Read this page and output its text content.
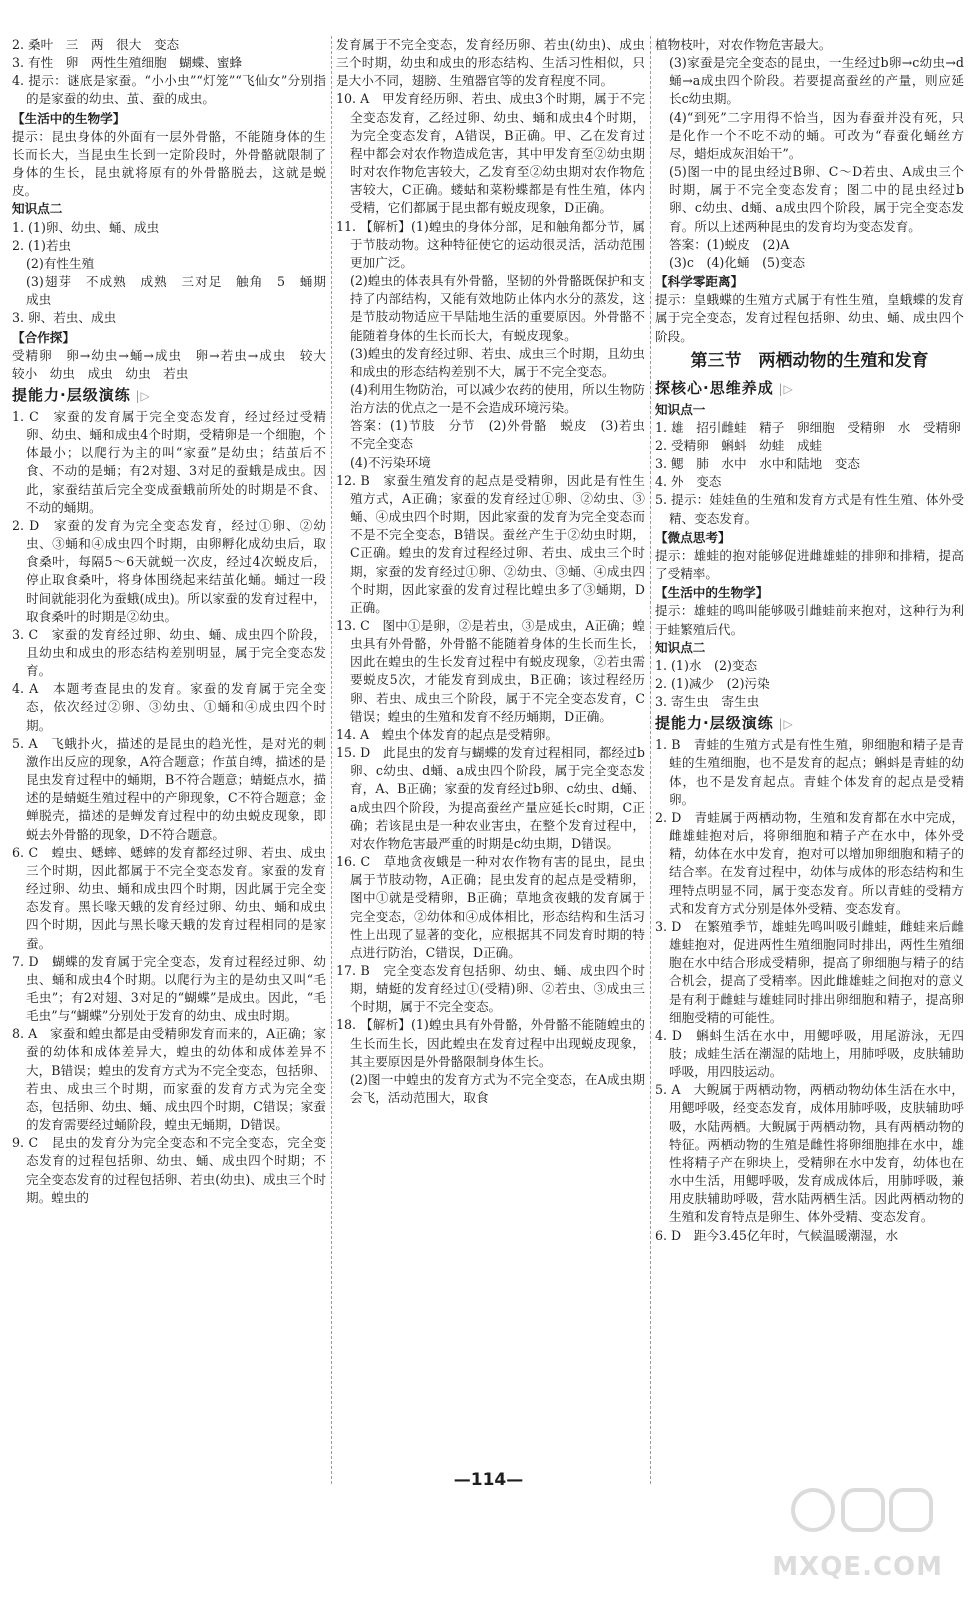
2. 桑叶　三　两　很大　变态
3. 有性　卵　两性生殖细胞　蝴蝶、蜜蜂
4. 提示：谜底是家蚕。“小小虫”“灯笼”“飞仙女”分别指的是家蚕的幼虫、茧、蚕的成虫。
【 生活中的生物学 】
提示：昆虫身体的外面有一层外骨骼，不能随身体的生长而长大，当昆虫生长到一定阶段时，外骨骼就限制了身体的生长，昆虫就将原有的外骨骼脱去，这就是蜕皮。
知识点二
1. (1)卵、幼虫、蛹、成虫
2. (1)若虫
(2)有性生殖
(3)翅芽　不成熟　成熟　三对足　触角　5　蛹期　成虫
3. 卵、若虫、成虫
【 合作探 】
受精卵　卵→幼虫→蛹→成虫　卵→若虫→成虫　较大　较小　幼虫　成虫　幼虫　若虫
提能力·层级演练 |▷
1. C　家蚕的发育属于完全变态发育，经过经过受精卵、幼虫、蛹和成虫4个时期，受精卵是一个细胞，个体最小；以爬行为主的叫“家蚕”是幼虫；结茧后不食、不动的是蛹；有2对翅、3对足的蚕蛾是成虫。因此，家蚕结茧后完全变成蚕蛾前所处的时期是不食、不动的蛹期。
2. D　家蚕的发育为完全变态发育，经过①卵、②幼虫、③蛹和④成虫四个时期，由卵孵化成幼虫后，取食桑叶，每隔5～6天就蜕一次皮，经过4次蜕皮后，停止取食桑叶，将身体围绕起来结茧化蛹。蛹过一段时间就能羽化为蚕蛾(成虫)。所以家蚕的发育过程中，取食桑叶的时期是②幼虫。
3. C　家蚕的发育经过卵、幼虫、蛹、成虫四个阶段，且幼虫和成虫的形态结构差别明显，属于完全变态发育。
4. A　本题考查昆虫的发育。家蚕的发育属于完全变态，依次经过②卵、③幼虫、①蛹和④成虫四个时期。
5. A　飞蛾扑火，描述的是昆虫的趋光性，是对光的刺激作出反应的现象，A符合题意；作茧自缚，描述的是昆虫发育过程中的蛹期，B不符合题意；蜻蜓点水，描述的是蜻蜓生殖过程中的产卵现象，C不符合题意；金蝉脱壳，描述的是蝉发育过程中的幼虫蜕皮现象，即蜕去外骨骼的现象，D不符合题意。
6. C　蝗虫、蟋蟀、蟋蟀的发育都经过卵、若虫、成虫三个时期，因此都属于不完全变态发育。家蚕的发育经过卵、幼虫、蛹和成虫四个时期，因此属于完全变态发育。黑长喙天蛾的发育经过卵、幼虫、蛹和成虫四个时期，因此与黑长喙天蛾的发育过程相同的是家蚕。
7. D　蝴蝶的发育属于完全变态，发育过程经过卵、幼虫、蛹和成虫4个时期。以爬行为主的是幼虫又叫“毛毛虫”；有2对翅、3对足的“蝴蝶”是成虫。因此，“毛毛虫”与“蝴蝶”分别处于发育的幼虫、成虫时期。
8. A　家蚕和蝗虫都是由受精卵发育而来的，A正确；家蚕的幼体和成体差异大，蝗虫的幼体和成体差异不大，B错误；蝗虫的发育方式为不完全变态，包括卵、若虫、成虫三个时期，而家蚕的发育方式为完全变态，包括卵、幼虫、蛹、成虫四个时期，C错误；家蚕的发育需要经过蛹阶段，蝗虫无蛹期，D错误。
9. C　昆虫的发育分为完全变态和不完全变态，完全变态发育的过程包括卵、幼虫、蛹、成虫四个时期；不完全变态发育的过程包括卵、若虫(幼虫)、成虫三个时期。蝗虫的
发育属于不完全变态，发育经历卵、若虫(幼虫)、成虫三个时期，幼虫和成虫的形态结构、生活习性相似，只是大小不同，翅膀、生殖器官等的发育程度不同。
10. A　甲发育经历卵、若虫、成虫3个时期，属于不完全变态发育，乙经过卵、幼虫、蛹和成虫4个时期，为完全变态发育，A错误，B正确。甲、乙在发育过程中都会对农作物造成危害，其中甲发育至②幼虫期时对农作物危害较大，乙发育至②幼虫期对农作物危害较大，C正确。蝼蛄和菜粉蝶都是有性生殖，体内受精，它们都属于昆虫都有蜕皮现象，D正确。
11. 【解析】(1)蝗虫的身体分部，足和触角都分节，属于节肢动物。这种特征使它的运动很灵活，活动范围更加广泛。
(2)蝗虫的体表具有外骨骼，坚韧的外骨骼既保护和支持了内部结构，又能有效地防止体内水分的蒸发，这是节肢动物适应干旱陆地生活的重要原因。外骨骼不能随着身体的生长而长大，有蜕皮现象。
(3)蝗虫的发育经过卵、若虫、成虫三个时期，且幼虫和成虫的形态结构差别不大，属于不完全变态。
(4)利用生物防治，可以减少农药的使用，所以生物防治方法的优点之一是不会造成环境污染。
答案：(1)节肢　分节　(2)外骨骼　蜕皮　(3)若虫　不完全变态
(4)不污染环境
12. B　家蚕生殖发育的起点是受精卵，因此是有性生殖方式，A正确；家蚕的发育经过①卵、②幼虫、③蛹、④成虫四个时期，因此家蚕的发育为完全变态而不是不完全变态，B错误。蚕丝产生于②幼虫时期，C正确。蝗虫的发育过程经过卵、若虫、成虫三个时期，家蚕的发育经过①卵、②幼虫、③蛹、④成虫四个时期，因此家蚕的发育过程比蝗虫多了③蛹期，D正确。
13. C　图中①是卵，②是若虫，③是成虫，A正确；蝗虫具有外骨骼，外骨骼不能随着身体的生长而生长，因此在蝗虫的生长发育过程中有蜕皮现象，②若虫需要蜕皮5次，才能发育到成虫，B正确；该过程经历卵、若虫、成虫三个阶段，属于不完全变态发育，C错误；蝗虫的生殖和发育不经历蛹期，D正确。
14. A　蝗虫个体发育的起点是受精卵。
15. D　此昆虫的发育与蝴蝶的发育过程相同，都经过b卵、c幼虫、d蛹、a成虫四个阶段，属于完全变态发育，A、B正确；家蚕的发育经过b卵、c幼虫、d蛹、a成虫四个阶段，为提高蚕丝产量应延长c时期，C正确；若该昆虫是一种农业害虫，在整个发育过程中，对农作物危害最严重的时期是c幼虫期，D错误。
16. C　草地贪夜蛾是一种对农作物有害的昆虫，昆虫属于节肢动物，A正确；昆虫发育的起点是受精卵，图中①就是受精卵，B正确；草地贪夜蛾的发育属于完全变态，②幼体和④成体相比，形态结构和生活习性上出现了显著的变化，应根据其不同发育时期的特点进行防治，C错误，D正确。
17. B　完全变态发育包括卵、幼虫、蛹、成虫四个时期，蜻蜓的发育经过①(受精)卵、②若虫、③成虫三个时期，属于不完全变态。
18. 【解析】(1)蝗虫具有外骨骼，外骨骼不能随蝗虫的生长而生长，因此蝗虫在发育过程中出现蜕皮现象，其主要原因是外骨骼限制身体生长。
(2)图一中蝗虫的发育方式为不完全变态，在A成虫期会飞，活动范围大，取食
植物枝叶，对农作物危害最大。
(3)家蚕是完全变态的昆虫，一生经过b卵→c幼虫→d蛹→a成虫四个阶段。若要提高蚕丝的产量，则应延长c幼虫期。
(4)“到死”二字用得不恰当，因为春蚕并没有死，只是化作一个不吃不动的蛹。可改为“春蚕化蛹丝方尽，蜡炬成灰泪始干”。
(5)图一中的昆虫经过B卵、C～D若虫、A成虫三个时期，属于不完全变态发育；图二中的昆虫经过b卵、c幼虫、d蛹、a成虫四个阶段，属于完全变态发育。所以上述两种昆虫的发育均为变态发育。
答案：(1)蜕皮　(2)A
(3)c　(4)化蛹　(5)变态
【 科学零距离 】
提示：皇蛾蝶的生殖方式属于有性生殖，皇蛾蝶的发育属于完全变态，发育过程包括卵、幼虫、蛹、成虫四个阶段。
第三节　两栖动物的生殖和发育
探核心·思维养成 |▷
知识点一
1. 雄　招引雌蛙　精子　卵细胞　受精卵　水　受精卵
2. 受精卵　蝌蚪　幼蛙　成蛙
3. 鳃　肺　水中　水中和陆地　变态
4. 外　变态
5. 提示：娃娃鱼的生殖和发育方式是有性生殖、体外受精、变态发育。
【 微点思考 】
提示：雄蛙的抱对能够促进雌雄蛙的排卵和排精，提高了受精率。
【 生活中的生物学 】
提示：雄蛙的鸣叫能够吸引雌蛙前来抱对，这种行为利于蛙繁殖后代。
知识点二
1. (1)水　(2)变态
2. (1)减少　(2)污染
3. 寄生虫　寄生虫
提能力·层级演练 |▷
1. B　青蛙的生殖方式是有性生殖，卵细胞和精子是青蛙的生殖细胞，也不是发育的起点；蝌蚪是青蛙的幼体，也不是发育起点。青蛙个体发育的起点是受精卵。
2. D　青蛙属于两栖动物，生殖和发育都在水中完成，雌雄蛙抱对后，将卵细胞和精子产在水中，体外受精，幼体在水中发育，抱对可以增加卵细胞和精子的结合率。在发育过程中，幼体与成体的形态结构和生理特点明显不同，属于变态发育。所以青蛙的受精方式和发育方式分别是体外受精、变态发育。
3. D　在繁殖季节，雄蛙先鸣叫吸引雌蛙，雌蛙来后雌雄蛙抱对，促进两性生殖细胞同时排出，两性生殖细胞在水中结合形成受精卵，提高了卵细胞与精子的结合机会，提高了受精率。因此雌雄蛙之间抱对的意义是有利于雌蛙与雄蛙同时排出卵细胞和精子，提高卵细胞受精的可能性。
4. D　蝌蚪生活在水中，用鳃呼吸，用尾游泳，无四肢；成蛙生活在潮湿的陆地上，用肺呼吸，皮肤辅助呼吸，用四肢运动。
5. A　大鲵属于两栖动物，两栖动物幼体生活在水中，用鳃呼吸，经变态发育，成体用肺呼吸，皮肤辅助呼吸，水陆两栖。大鲵属于两栖动物，具有两栖动物的特征。两栖动物的生殖是雌性将卵细胞排在水中，雄性将精子产在卵块上，受精卵在水中发育，幼体也在水中生活，用鳃呼吸，发育成成体后，用肺呼吸，兼用皮肤辅助呼吸，营水陆两栖生活。因此两栖动物的生殖和发育特点是卵生、体外受精、变态发育。
6. D　距今3.45亿年时，气候温暖潮湿，水
—114—
MXQE.COM
